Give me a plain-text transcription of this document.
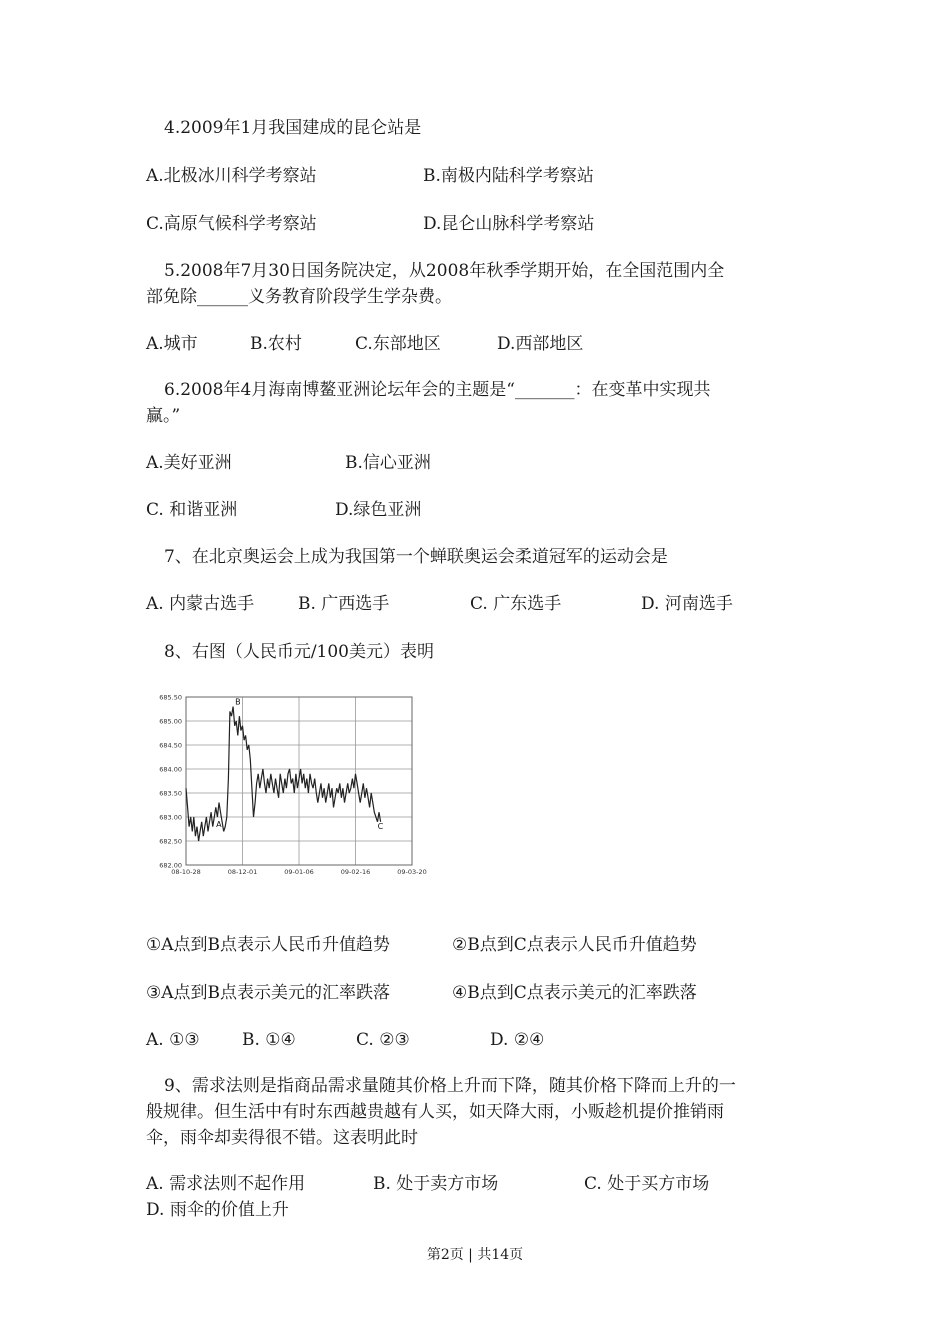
4.2009年1月我国建成的昆仑站是
A.北极冰川科学考察站	B.南极内陆科学考察站
C.高原气候科学考察站	D.昆仑山脉科学考察站
5.2008年7月30日国务院决定，从2008年秋季学期开始，在全国范围内全
部免除______义务教育阶段学生学杂费。
A.城市	B.农村	C.东部地区	D.西部地区
6.2008年4月海南博鳌亚洲论坛年会的主题是“_______：在变革中实现共
赢。”
A.美好亚洲	B.信心亚洲
C. 和谐亚洲	D.绿色亚洲
7、在北京奥运会上成为我国第一个蝉联奥运会柔道冠军的运动会是
A. 内蒙古选手	B. 广西选手	C. 广东选手	D. 河南选手
8、右图（人民币元/100美元）表明
685.50
685.00
684.50
684.00
683.50
683.00
682.50
682.00
08-10-28	08-12-01	09-01-06	09-02-16	09-03-20
A
B
C
①A点到B点表示人民币升值趋势	②B点到C点表示人民币升值趋势
③A点到B点表示美元的汇率跌落	④B点到C点表示美元的汇率跌落
A. ①③ B. ①④	C. ②③	D. ②④
9、需求法则是指商品需求量随其价格上升而下降，随其价格下降而上升的一
般规律。但生活中有时东西越贵越有人买，如天降大雨，小贩趁机提价推销雨
伞，雨伞却卖得很不错。这表明此时
A. 需求法则不起作用	B. 处于卖方市场	C. 处于买方市场
D. 雨伞的价值上升
第2页 | 共14页
